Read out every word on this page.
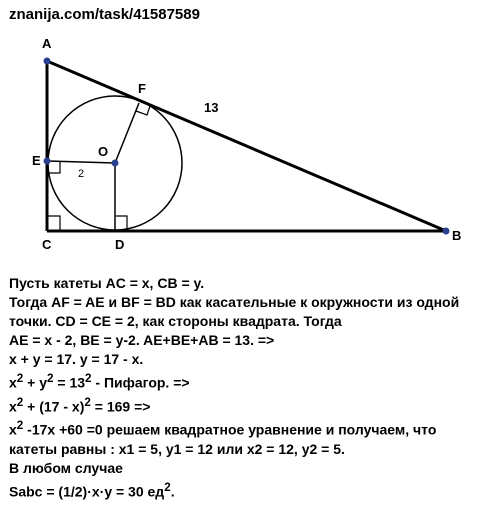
znanija.com/task/41587589
A
B
C	D
E
F
O
13
2
Пусть катеты AC = x, CB = y.
Тогда AF = AE и BF = BD как касательные к окружности из одной
точки. CD = CE = 2, как стороны квадрата. Тогда
AE = x - 2, BE = y-2. AE+BE+AB = 13. =>
x + y = 17. y = 17 - x.
$x^2 + y^2 = 13^2$ - Пифагор. =>
$x^2 + (17 - x)^2 = 169$ =>
$x^2$ -17x +60 =0 решаем квадратное уравнение и получаем, что
катеты равны : x1 = 5, y1 = 12 или x2 = 12, y2 = 5.
В любом случае
Sabc = (1/2)·x·y = 30 $ед^2$.
